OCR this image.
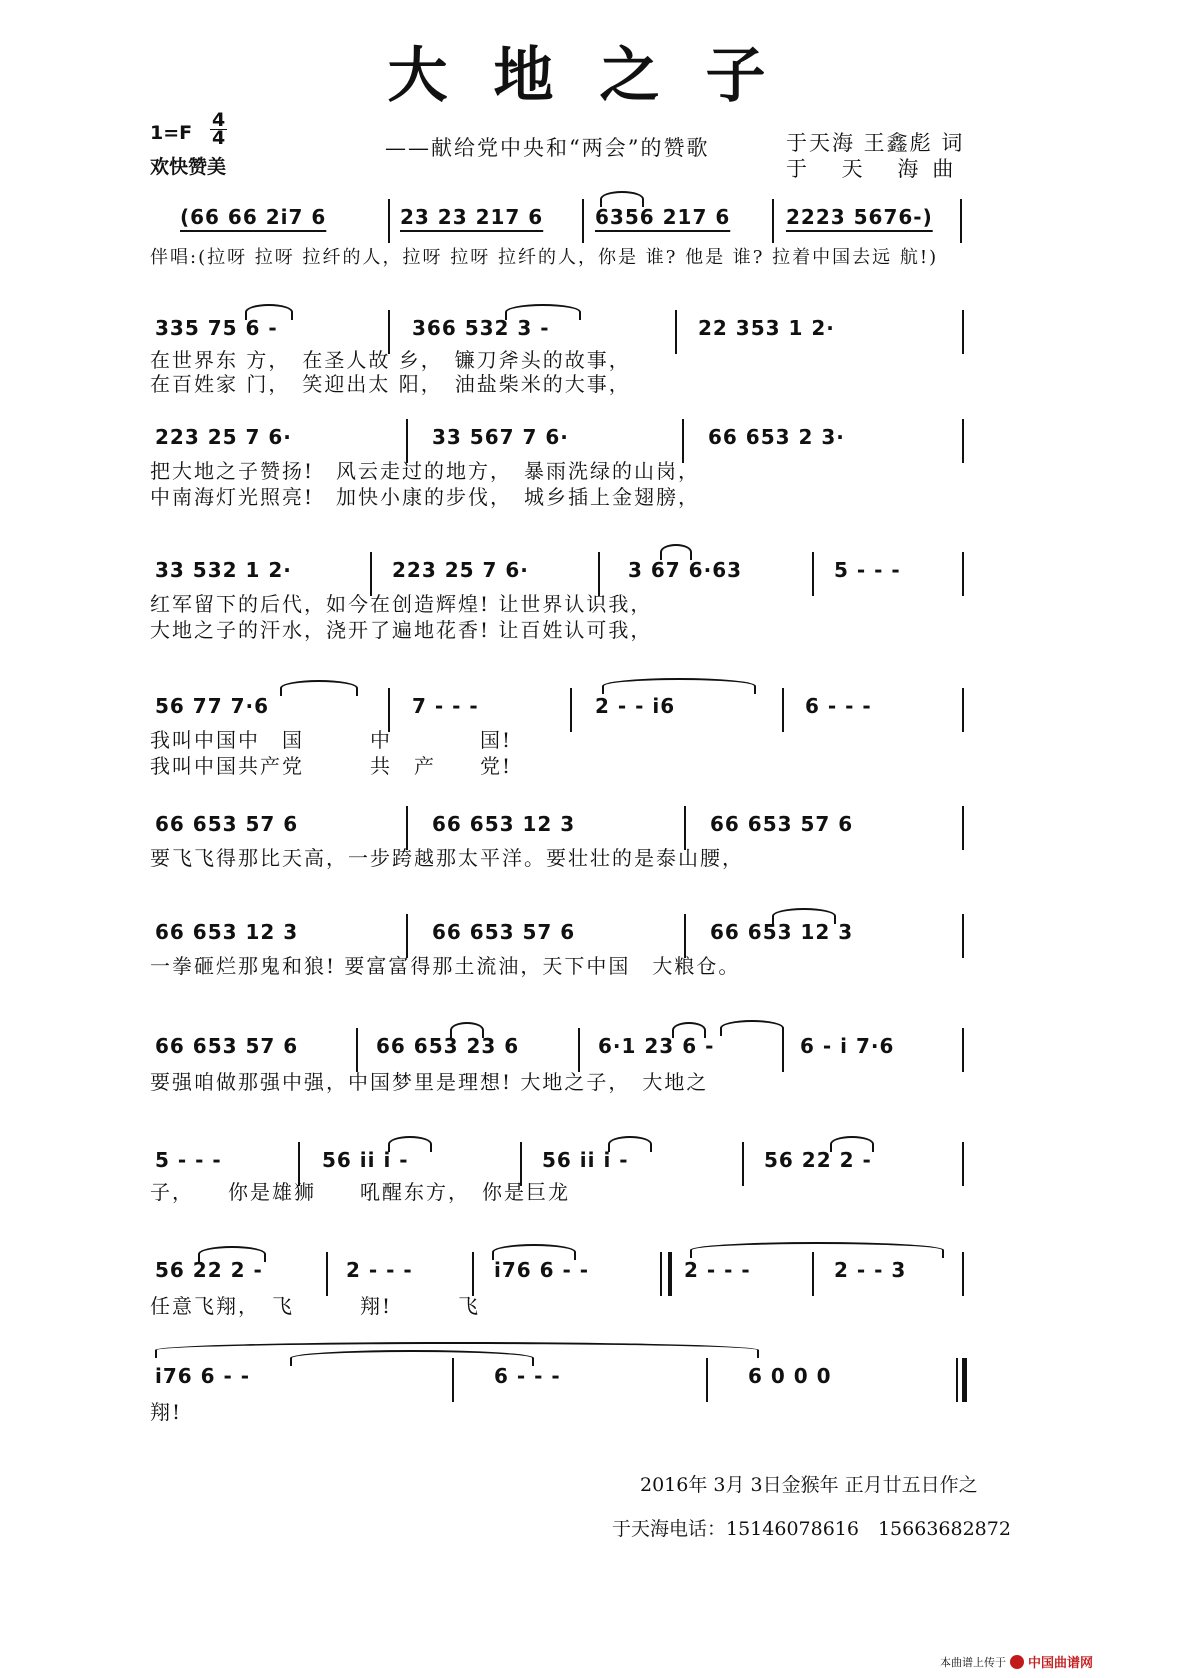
大地之子
1=F
4
4
欢快赞美
——献给党中央和“两会”的赞歌	于天海 王鑫彪 词
于 天 海曲

(66 66 2i7 6

	23 23 217 6

	6356 217 6

	2223 5676-)

伴唱:(拉呀 拉呀 拉纤的人，拉呀 拉呀 拉纤的人，你是 谁? 他是 谁? 拉着中国去远 航!)

335 75 6 -

	366 532 3 -

	22 353 1 2·

在世界东 方，　在圣人故 乡，　镰刀斧头的故事，
在百姓家 门，　笑迎出太 阳，　油盐柴米的大事，

223 25 7 6·

	33 567 7 6·

	66 653 2 3·

把大地之子赞扬!　风云走过的地方，　暴雨洗绿的山岗，
中南海灯光照亮!　加快小康的步伐，　城乡插上金翅膀，

33 532 1 2·

	223 25 7 6·

	3 67 6·63

	5 - - -

红军留下的后代，如今在创造辉煌! 让世界认识我，
大地之子的汗水，浇开了遍地花香! 让百姓认可我，

56 77 7·6

	7 - - -

	2 - - i6

	6 - - -

我叫中国中　国　　　中　　　　国!
我叫中国共产党　　　共　产　　党!

66 653 57 6

	66 653 12 3

	66 653 57 6

要飞飞得那比天高，一步跨越那太平洋。要壮壮的是泰山腰，

66 653 12 3

	66 653 57 6

	66 653 12 3

一拳砸烂那鬼和狼! 要富富得那土流油，天下中国　大粮仓。

66 653 57 6

	66 653 23 6

	6·1 23 6 -

	6 - i 7·6

要强咱做那强中强，中国梦里是理想! 大地之子，　大地之

5 - - -

	56 ii i -

	56 ii i -

	56 22 2 -

子，　　你是雄狮　　吼醒东方，　你是巨龙

56 22 2 -

	2 - - -

	i76 6 - -

	2 - - -

	2 - - 3

任意飞翔，　飞　　　翔!　　　飞

i76 6 - -

	6 - - -

	6 0 0 0

翔!
2016年 3月 3日金猴年 正月廿五日作之
于天海电话：15146078616　15663682872
本曲谱上传于 中国曲谱网
